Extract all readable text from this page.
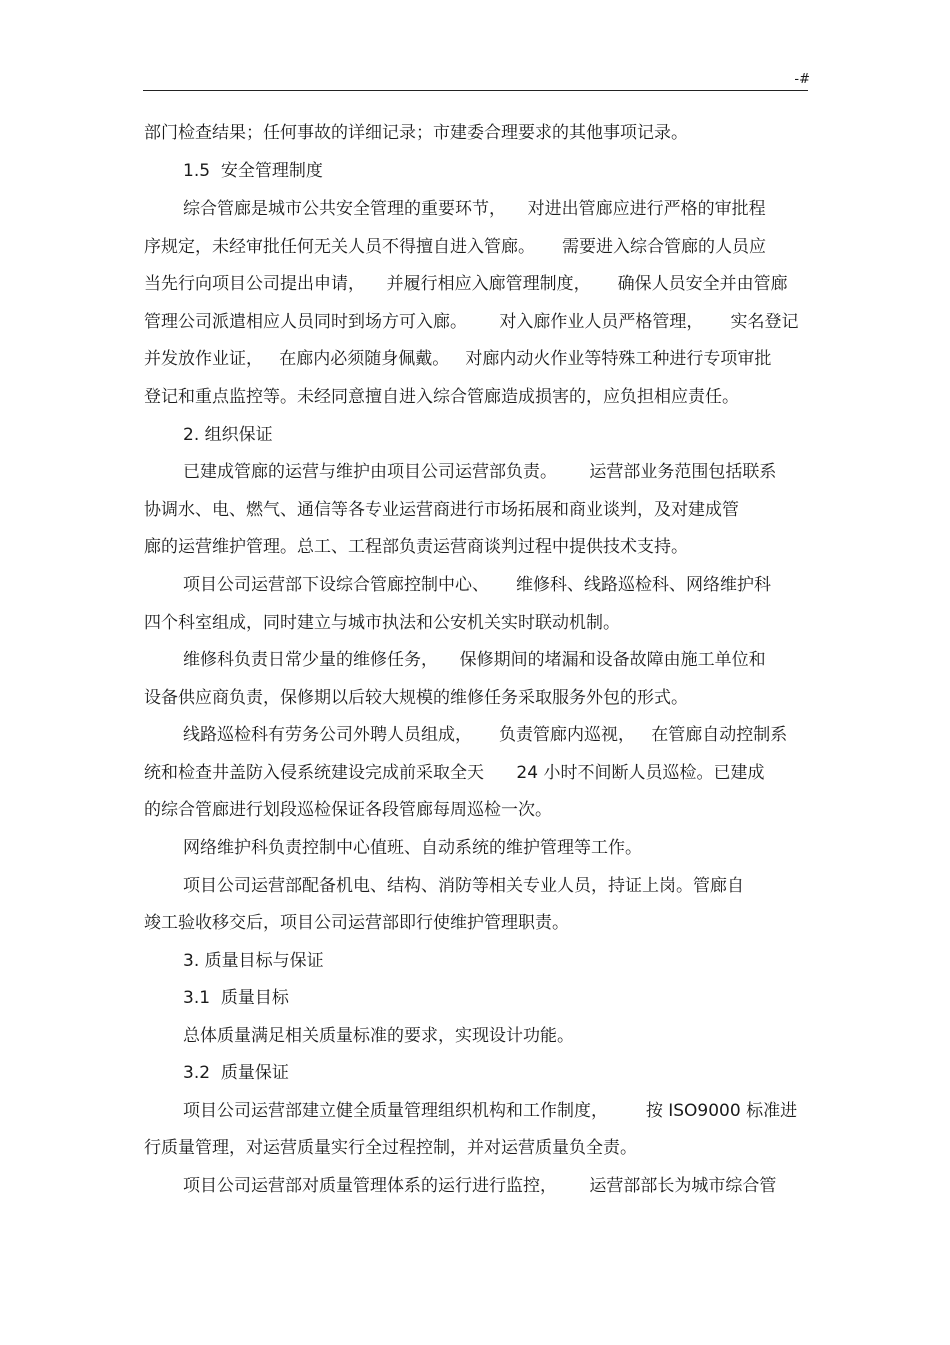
-#
部门检查结果；任何事故的详细记录；市建委合理要求的其他事项记录。
1.5  安全管理制度
综合管廊是城市公共安全管理的重要环节，    对进出管廊应进行严格的审批程
序规定，未经审批任何无关人员不得擅自进入管廊。     需要进入综合管廊的人员应
当先行向项目公司提出申请，    并履行相应入廊管理制度，     确保人员安全并由管廊
管理公司派遣相应人员同时到场方可入廊。      对入廊作业人员严格管理，     实名登记
并发放作业证，   在廊内必须随身佩戴。   对廊内动火作业等特殊工种进行专项审批
登记和重点监控等。未经同意擅自进入综合管廊造成损害的，应负担相应责任。
2. 组织保证
已建成管廊的运营与维护由项目公司运营部负责。      运营部业务范围包括联系
协调水、电、燃气、通信等各专业运营商进行市场拓展和商业谈判，及对建成管
廊的运营维护管理。总工、工程部负责运营商谈判过程中提供技术支持。
项目公司运营部下设综合管廊控制中心、     维修科、线路巡检科、网络维护科
四个科室组成，同时建立与城市执法和公安机关实时联动机制。
维修科负责日常少量的维修任务，    保修期间的堵漏和设备故障由施工单位和
设备供应商负责，保修期以后较大规模的维修任务采取服务外包的形式。
线路巡检科有劳务公司外聘人员组成，     负责管廊内巡视，   在管廊自动控制系
统和检查井盖防入侵系统建设完成前采取全天      24 小时不间断人员巡检。已建成
的综合管廊进行划段巡检保证各段管廊每周巡检一次。
网络维护科负责控制中心值班、自动系统的维护管理等工作。
项目公司运营部配备机电、结构、消防等相关专业人员，持证上岗。管廊自
竣工验收移交后，项目公司运营部即行使维护管理职责。
3. 质量目标与保证
3.1  质量目标
总体质量满足相关质量标准的要求，实现设计功能。
3.2  质量保证
项目公司运营部建立健全质量管理组织机构和工作制度，       按 ISO9000 标准进
行质量管理，对运营质量实行全过程控制，并对运营质量负全责。
项目公司运营部对质量管理体系的运行进行监控，      运营部部长为城市综合管
